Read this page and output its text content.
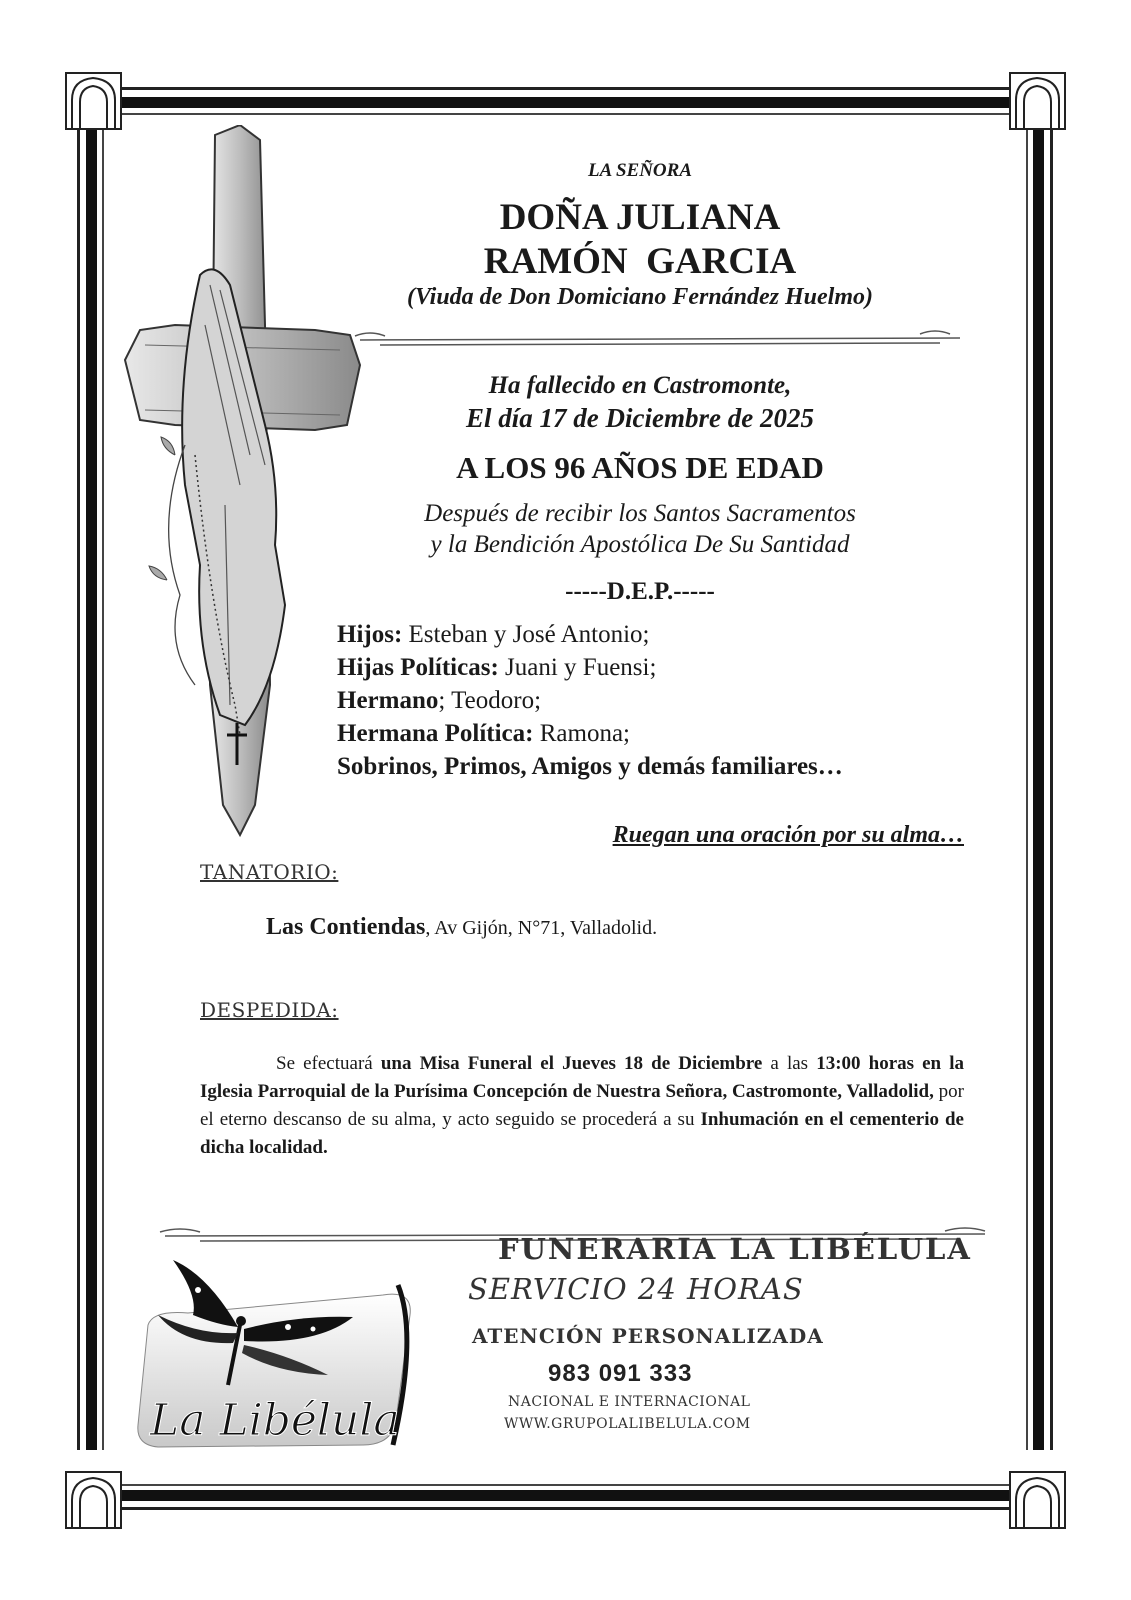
LA SEÑORA
DOÑA JULIANA
RAMÓN  GARCIA
(Viuda de Don Domiciano Fernández Huelmo)
Ha fallecido en Castromonte,
El día 17 de Diciembre de 2025
A LOS 96 AÑOS DE EDAD
Después de recibir los Santos Sacramentos
y la Bendición Apostólica De Su Santidad
-----D.E.P.-----
Hijos: Esteban y José Antonio;
Hijas Políticas: Juani y Fuensi;
Hermano; Teodoro;
Hermana Política: Ramona;
Sobrinos, Primos, Amigos y demás familiares…
Ruegan una oración por su alma…
TANATORIO:
Las Contiendas, Av Gijón, N°71, Valladolid.
DESPEDIDA:
Se efectuará una Misa Funeral el Jueves 18 de Diciembre a las 13:00 horas en la Iglesia Parroquial de la Purísima Concepción de Nuestra Señora, Castromonte, Valladolid, por el eterno descanso de su alma, y acto seguido se procederá a su Inhumación en el cementerio de dicha localidad.
La Libélula
FUNERARIA LA LIBÉLULA
SERVICIO 24 HORAS
ATENCIÓN PERSONALIZADA
983 091 333
NACIONAL E INTERNACIONAL
WWW.GRUPOLALIBELULA.COM
